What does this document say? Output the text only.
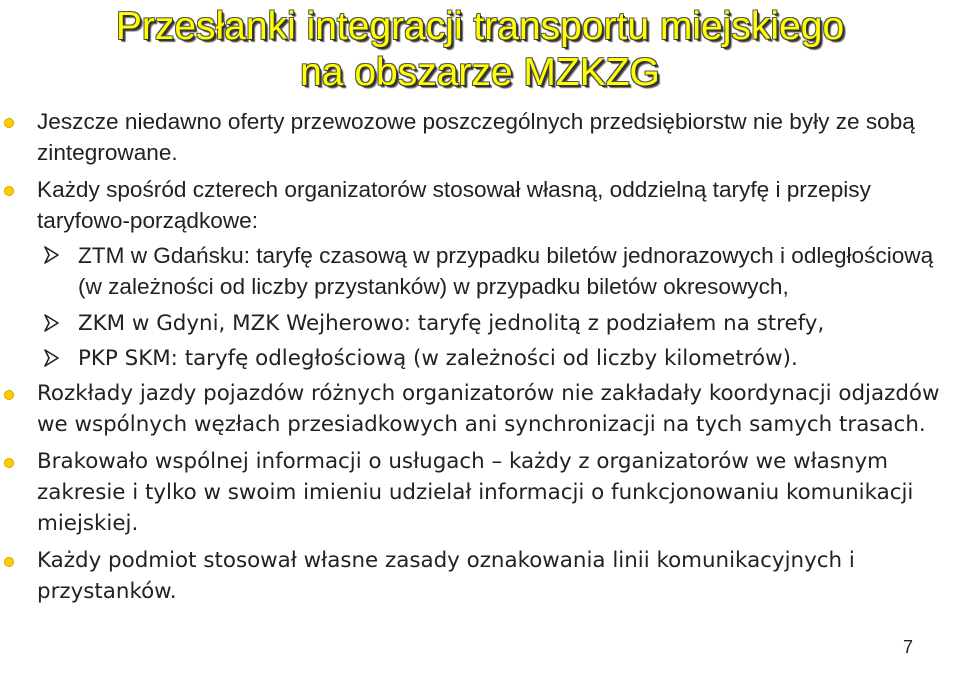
Przesłanki integracji transportu miejskiego
na obszarze MZKZG

Jeszcze niedawno oferty przewozowe poszczególnych przedsiębiorstw nie były ze sobą zintegrowane.

Każdy spośród czterech organizatorów stosował własną, oddzielną taryfę i przepisy taryfowo-porządkowe:

ZTM w Gdańsku: taryfę czasową w przypadku biletów jednorazowych i odległościową (w zależności od liczby przystanków) w przypadku biletów okresowych,

ZKM w Gdyni, MZK Wejherowo: taryfę jednolitą z podziałem na strefy,

PKP SKM: taryfę odległościową (w zależności od liczby kilometrów).

Rozkłady jazdy pojazdów różnych organizatorów nie zakładały koordynacji odjazdów we wspólnych węzłach przesiadkowych ani synchronizacji na tych samych trasach.

Brakowało wspólnej informacji o usługach – każdy z organizatorów we własnym zakresie i tylko w swoim imieniu udzielał informacji o funkcjonowaniu komunikacji miejskiej.

Każdy podmiot stosował własne zasady oznakowania linii komunikacyjnych i przystanków.

7
